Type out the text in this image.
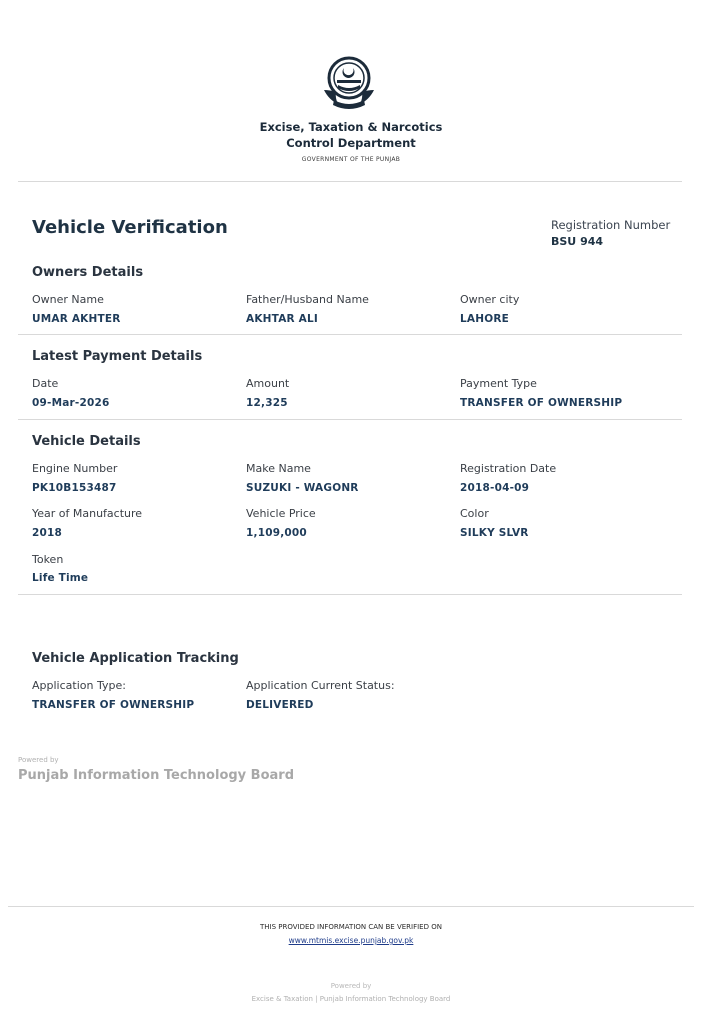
Excise, Taxation & Narcotics
Control Department
GOVERNMENT OF THE PUNJAB
Vehicle Verification	Registration Number
BSU 944
Owners Details
Owner Name
UMAR AKHTER
Father/Husband Name
AKHTAR ALI
Owner city
LAHORE
Latest Payment Details
Date
09-Mar-2026
Amount
12,325
Payment Type
TRANSFER OF OWNERSHIP
Vehicle Details
Engine Number
PK10B153487
Make Name
SUZUKI - WAGONR
Registration Date
2018-04-09
Year of Manufacture
2018
Vehicle Price
1,109,000
Color
SILKY SLVR
Token
Life Time
Vehicle Application Tracking
Application Type:
TRANSFER OF OWNERSHIP
Application Current Status:
DELIVERED
Powered by
Punjab Information Technology Board
THIS PROVIDED INFORMATION CAN BE VERIFIED ON
www.mtmis.excise.punjab.gov.pk
Powered by
Excise & Taxation | Punjab Information Technology Board
